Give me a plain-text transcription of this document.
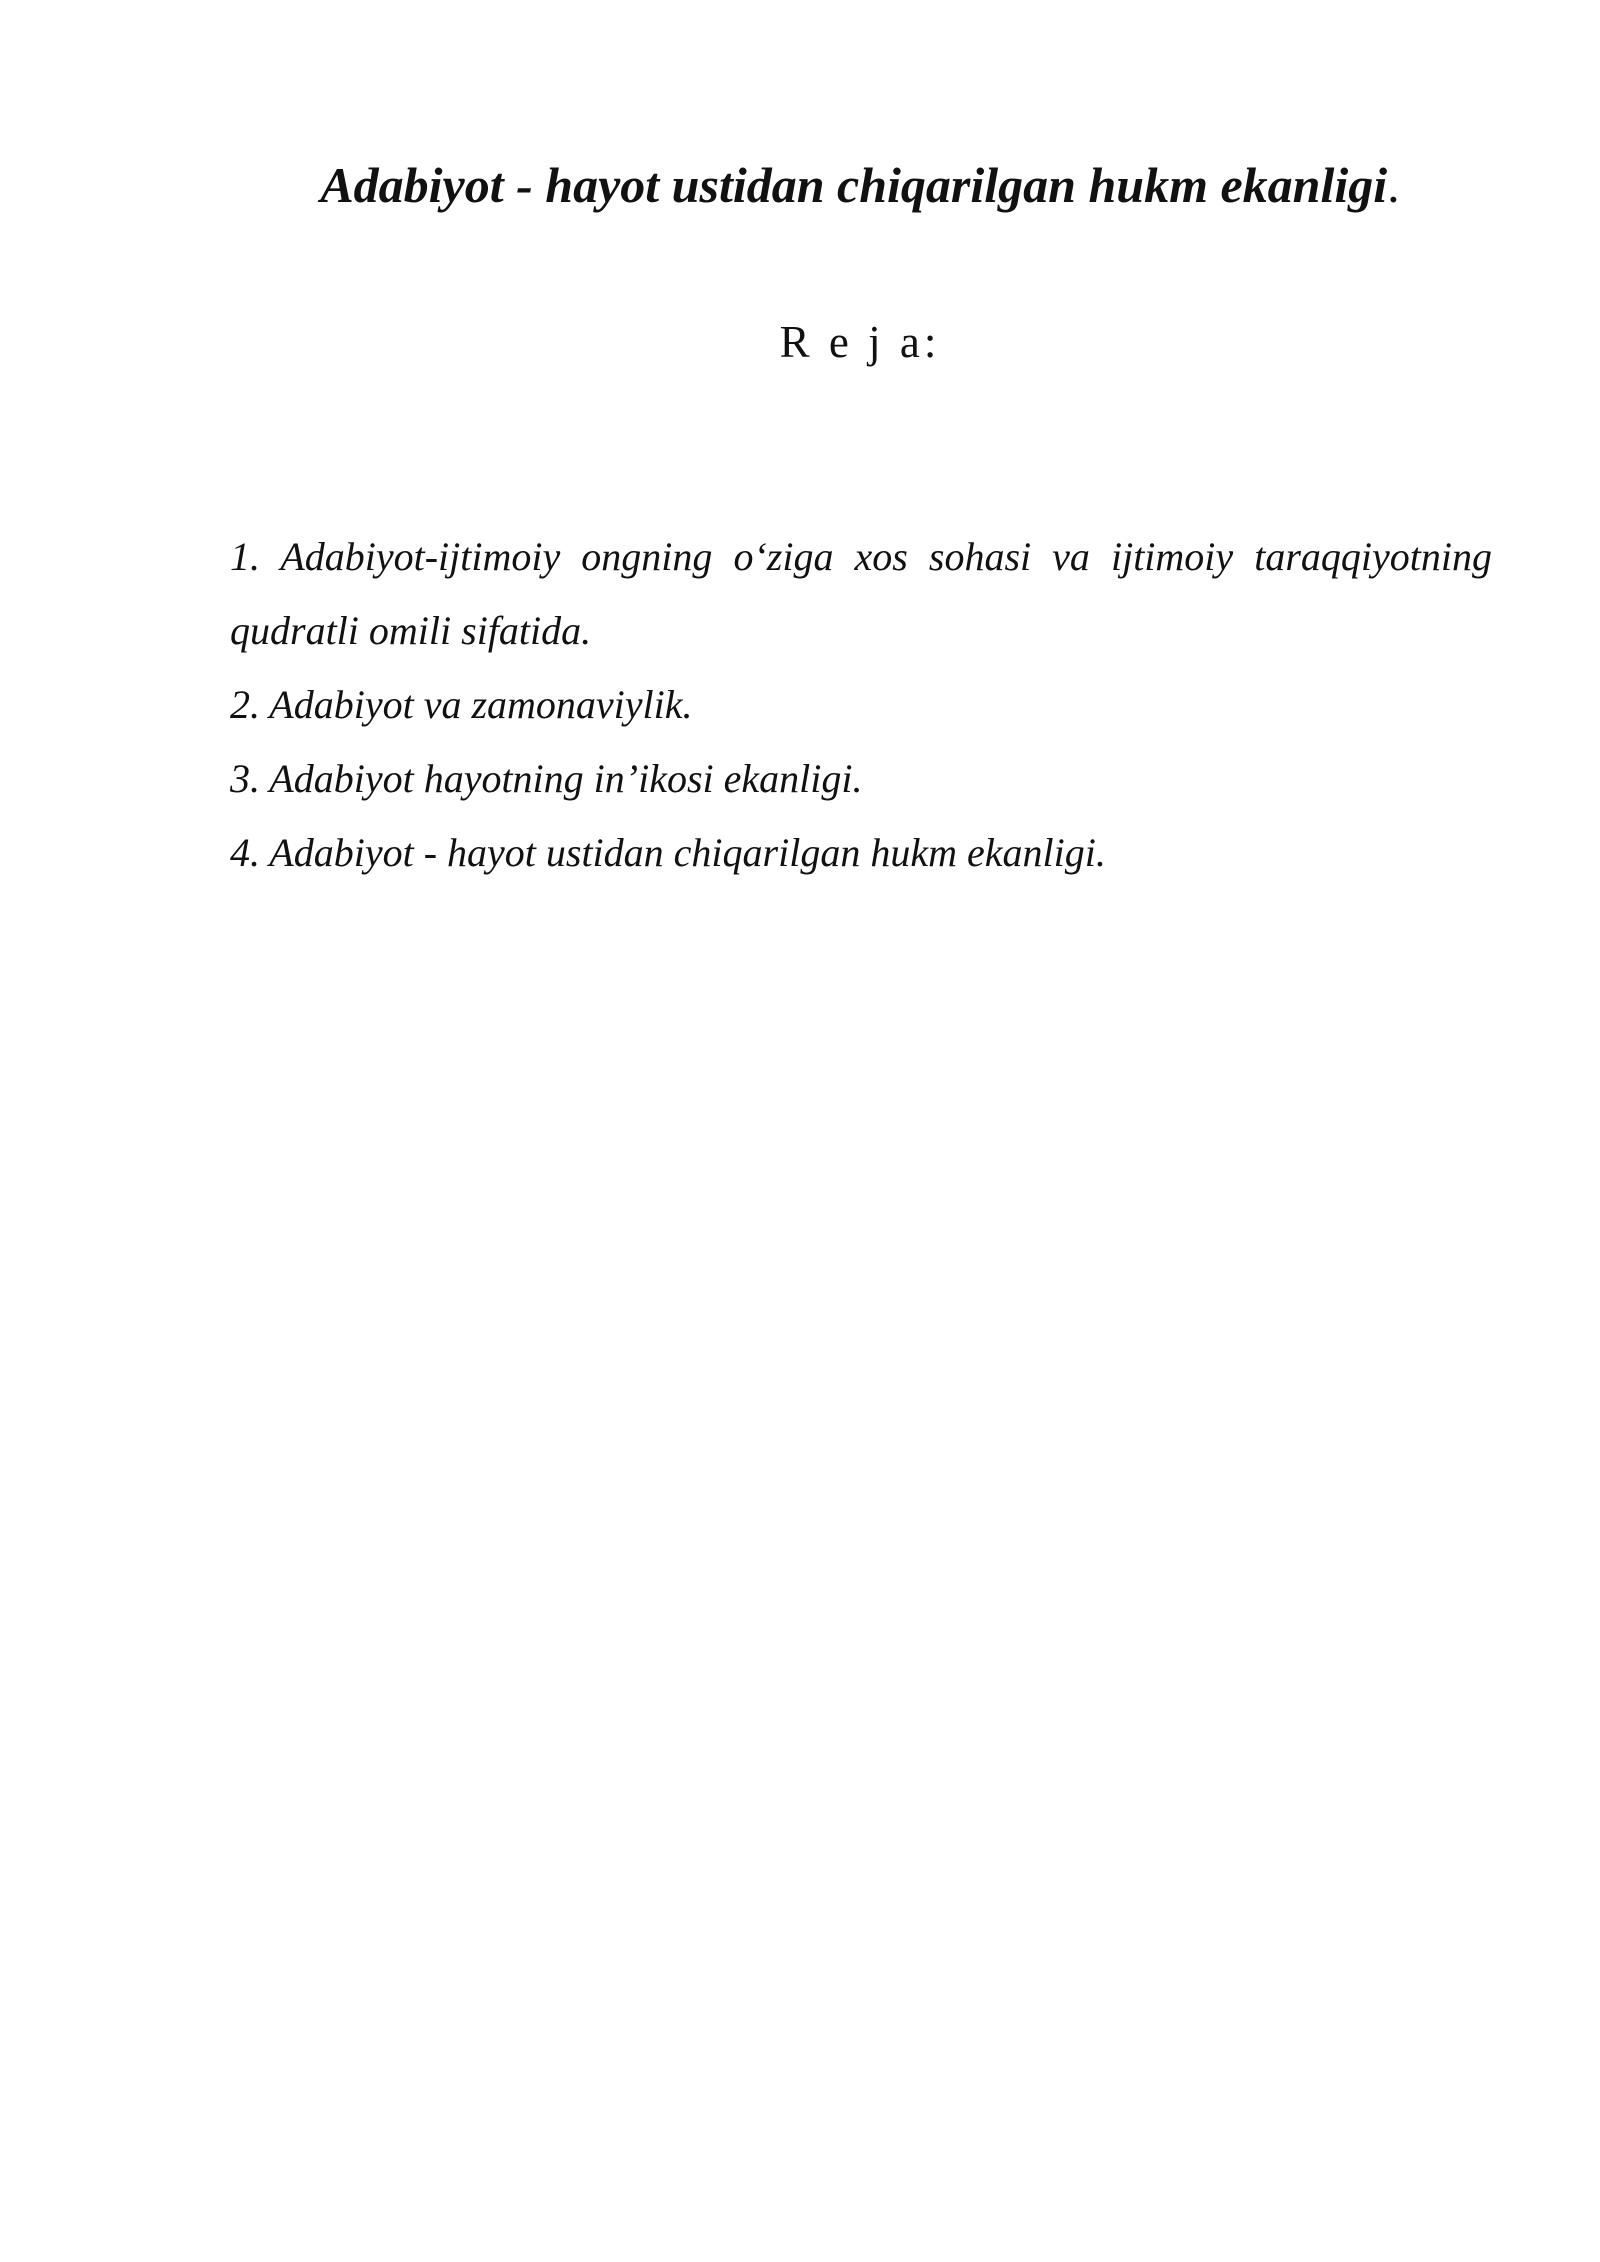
Adabiyot - hayot ustidan chiqarilgan hukm ekanligi.
R e j a:

1. Adabiyot-ijtimoiy ongning o‘ziga xos sohasi va ijtimoiy taraqqiyotning qudratli omili sifatida.

2. Adabiyot va zamonaviylik.

3. Adabiyot hayotning in’ikosi ekanligi.

4. Adabiyot - hayot ustidan chiqarilgan hukm ekanligi.
